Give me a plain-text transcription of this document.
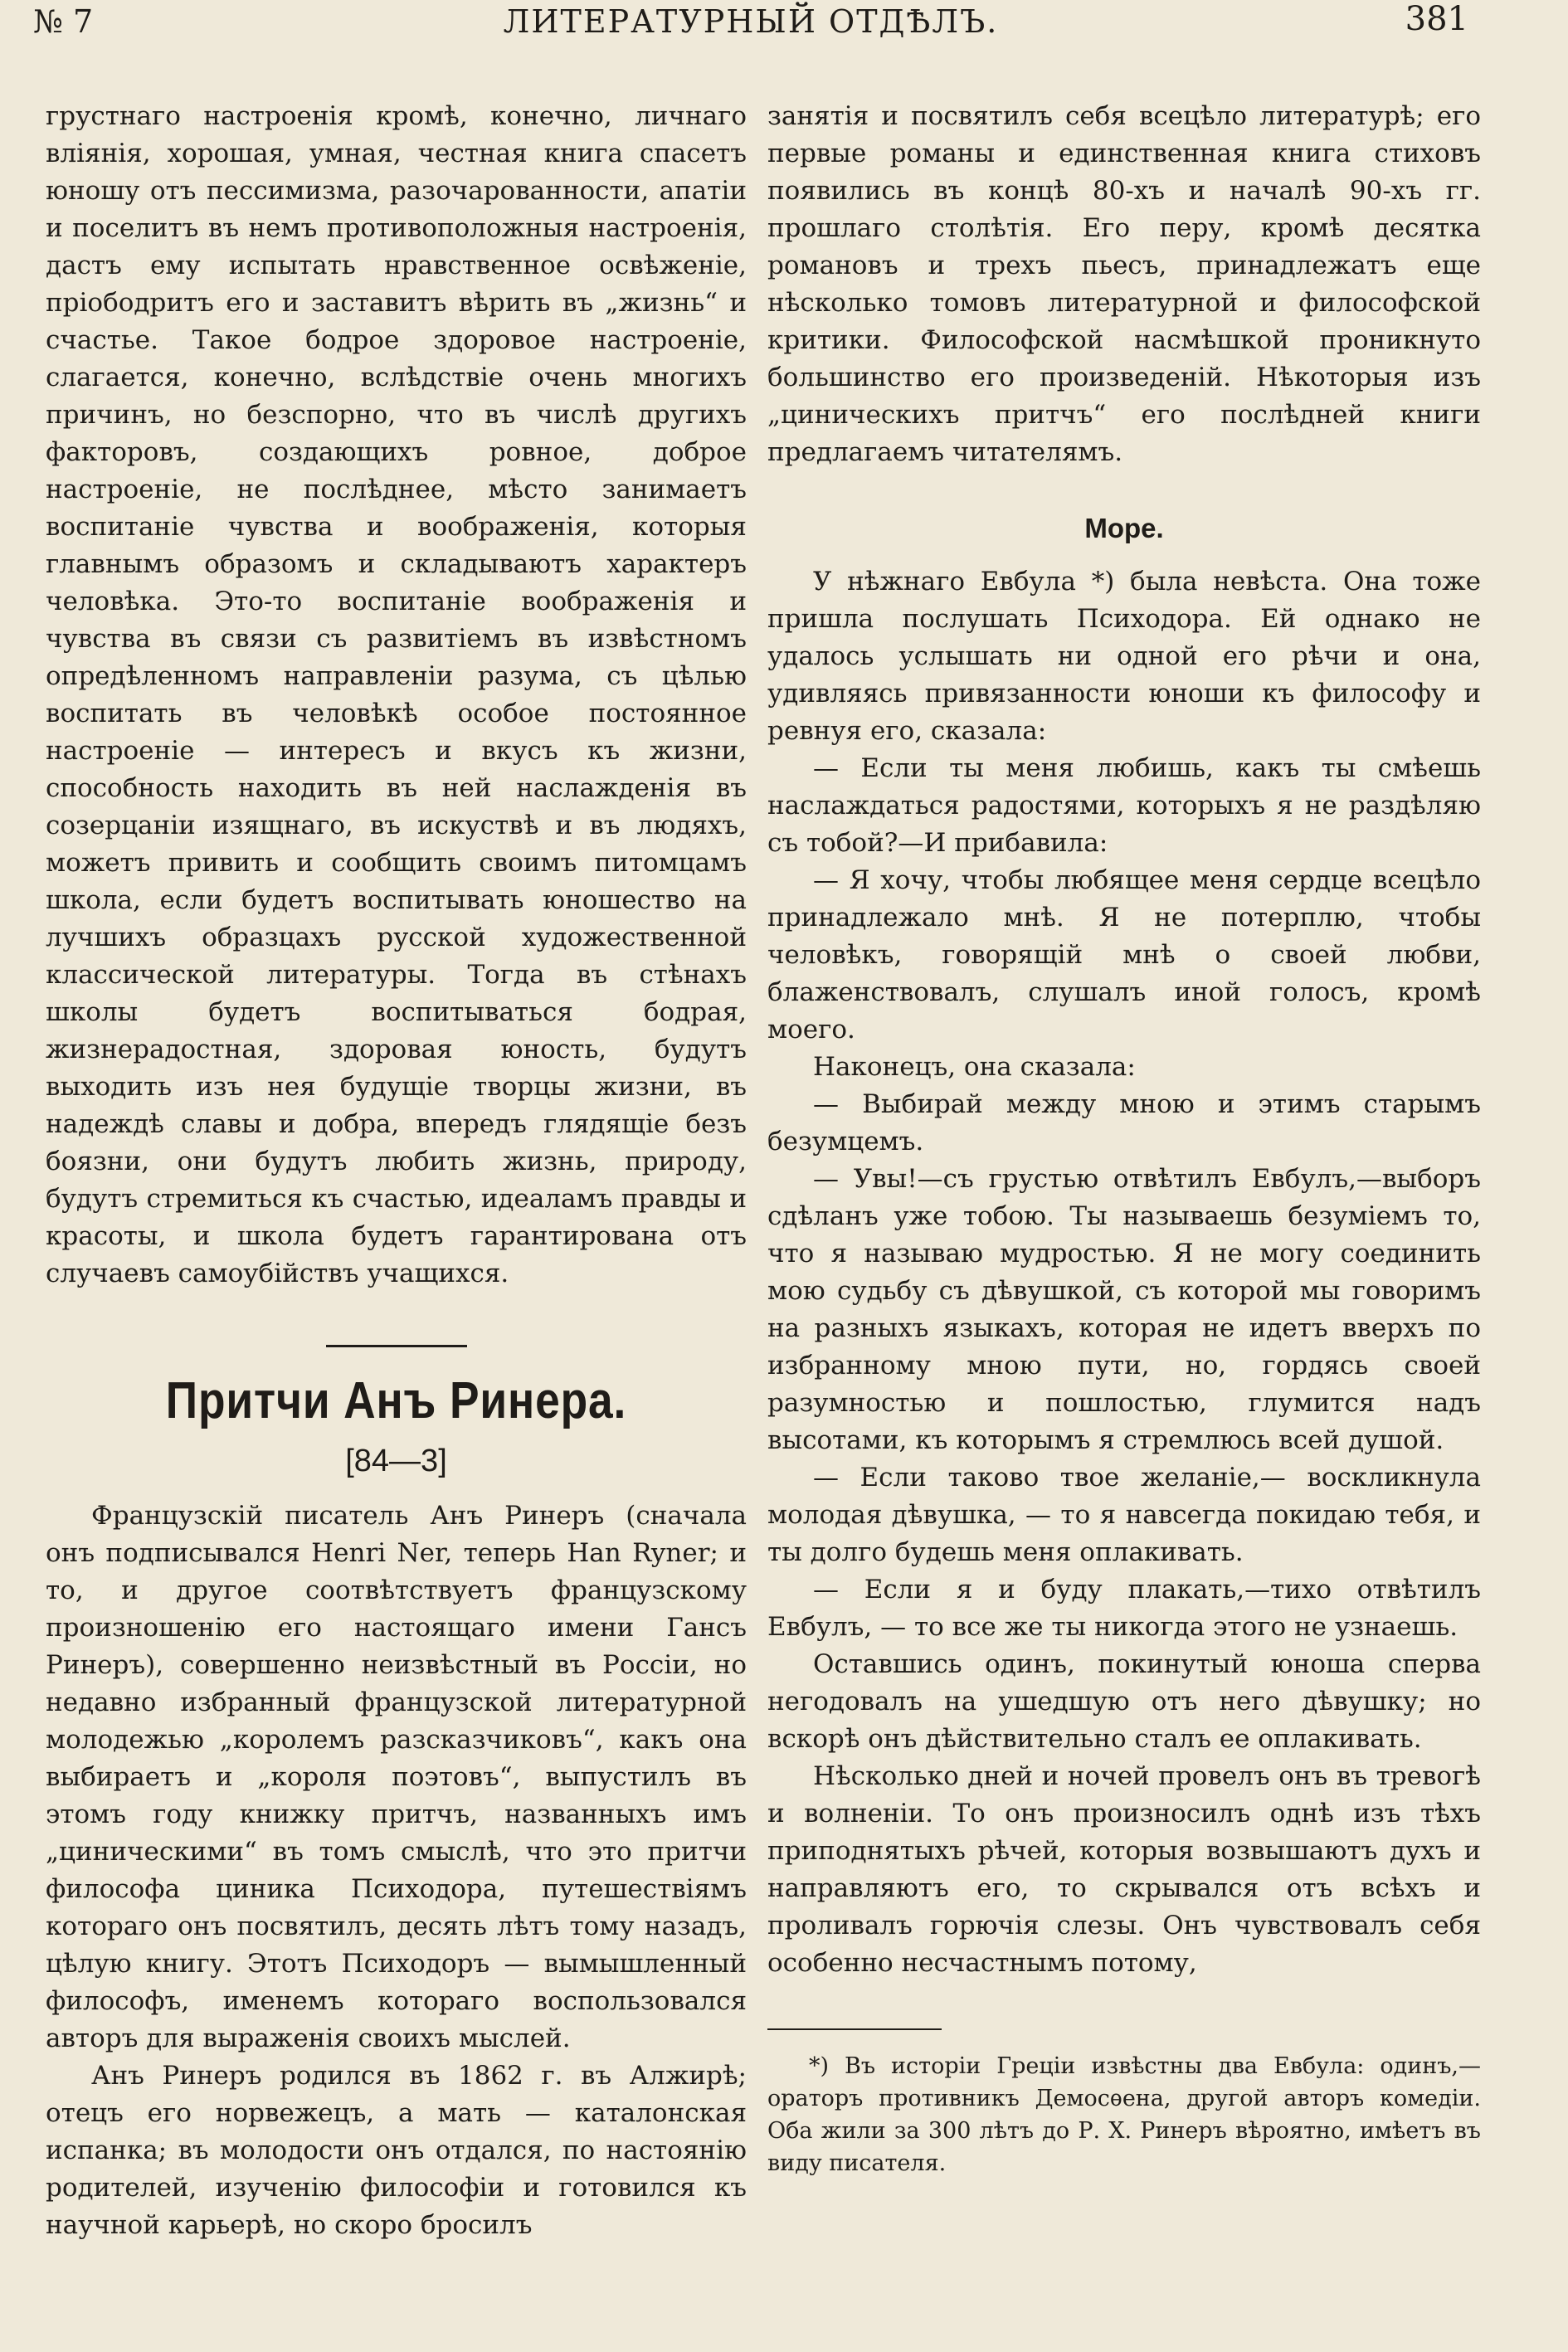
№ 7	ЛИТЕРАТУРНЫЙ ОТДѢЛЪ.	381

грустнаго настроенія кромѣ, конечно, личнаго вліянія, хорошая, умная, честная книга спасетъ юношу отъ пессимизма, разочарованности, апатіи и поселитъ въ немъ противоположныя настроенія, дастъ ему испытать нравственное освѣженіе, пріободритъ его и заставитъ вѣрить въ „жизнь“ и счастье. Такое бодрое здоровое настроеніе, слагается, конечно, вслѣдствіе очень многихъ причинъ, но безспорно, что въ числѣ другихъ факторовъ, создающихъ ровное, доброе настроеніе, не послѣднее, мѣсто занимаетъ воспитаніе чувства и воображенія, которыя главнымъ образомъ и складываютъ характеръ человѣка. Это-то воспитаніе воображенія и чувства въ связи съ развитіемъ въ извѣстномъ опредѣленномъ направленіи разума, съ цѣлью воспитать въ человѣкѣ особое постоянное настроеніе — интересъ и вкусъ къ жизни, способность находить въ ней наслажденія въ созерцаніи изящнаго, въ искуствѣ и въ людяхъ, можетъ привить и сообщить своимъ питомцамъ школа, если будетъ воспитывать юношество на лучшихъ образцахъ русской художественной классической литературы. Тогда въ стѣнахъ школы будетъ воспитываться бодрая, жизнерадостная, здоровая юность, будутъ выходить изъ нея будущіе творцы жизни, въ надеждѣ славы и добра, впередъ глядящіе безъ боязни, они будутъ любить жизнь, природу, будутъ стремиться къ счастью, идеаламъ правды и красоты, и школа будетъ гарантирована отъ случаевъ самоубійствъ учащихся.

Притчи Анъ Ринера.
[84—3]

Французскій писатель Анъ Ринеръ (сначала онъ подписывался Henri Ner, теперь Han Ryner; и то, и другое соотвѣтствуетъ французскому произношенію его настоящаго имени Гансъ Ринеръ), совершенно неизвѣстный въ Россіи, но недавно избранный французской литературной молодежью „королемъ разсказчиковъ“, какъ она выбираетъ и „короля поэтовъ“, выпустилъ въ этомъ году книжку притчъ, названныхъ имъ „циническими“ въ томъ смыслѣ, что это притчи философа циника Психодора, путешествіямъ котораго онъ посвятилъ, десять лѣтъ тому назадъ, цѣлую книгу. Этотъ Психодоръ — вымышленный философъ, именемъ котораго воспользовался авторъ для выраженія своихъ мыслей.

Анъ Ринеръ родился въ 1862 г. въ Алжирѣ; отецъ его норвежецъ, а мать — каталонская испанка; въ молодости онъ отдался, по настоянію родителей, изученію философіи и готовился къ научной карьерѣ, но скоро бросилъ

занятія и посвятилъ себя всецѣло литературѣ; его первые романы и единственная книга стиховъ появились въ концѣ 80-хъ и началѣ 90-хъ гг. прошлаго столѣтія. Его перу, кромѣ десятка романовъ и трехъ пьесъ, принадлежатъ еще нѣсколько томовъ литературной и философской критики. Философской насмѣшкой проникнуто большинство его произведеній. Нѣкоторыя изъ „циническихъ притчъ“ его послѣдней книги предлагаемъ читателямъ.

Море.

У нѣжнаго Евбула *) была невѣста. Она тоже пришла послушать Психодора. Ей однако не удалось услышать ни одной его рѣчи и она, удивляясь привязанности юноши къ философу и ревнуя его, сказала:

— Если ты меня любишь, какъ ты смѣешь наслаждаться радостями, которыхъ я не раздѣляю съ тобой?—И прибавила:

— Я хочу, чтобы любящее меня сердце всецѣло принадлежало мнѣ. Я не потерплю, чтобы человѣкъ, говорящій мнѣ о своей любви, блаженствовалъ, слушалъ иной голосъ, кромѣ моего.

Наконецъ, она сказала:

— Выбирай между мною и этимъ старымъ безумцемъ.

— Увы!—съ грустью отвѣтилъ Евбулъ,—выборъ сдѣланъ уже тобою. Ты называешь безуміемъ то, что я называю мудростью. Я не могу соединить мою судьбу съ дѣвушкой, съ которой мы говоримъ на разныхъ языкахъ, которая не идетъ вверхъ по избранному мною пути, но, гордясь своей разумностью и пошлостью, глумится надъ высотами, къ которымъ я стремлюсь всей душой.

— Если таково твое желаніе,— воскликнула молодая дѣвушка, — то я навсегда покидаю тебя, и ты долго будешь меня оплакивать.

— Если я и буду плакать,—тихо отвѣтилъ Евбулъ, — то все же ты никогда этого не узнаешь.

Оставшись одинъ, покинутый юноша сперва негодовалъ на ушедшую отъ него дѣвушку; но вскорѣ онъ дѣйствительно сталъ ее оплакивать.

Нѣсколько дней и ночей провелъ онъ въ тревогѣ и волненіи. То онъ произносилъ однѣ изъ тѣхъ приподнятыхъ рѣчей, которыя возвышаютъ духъ и направляютъ его, то скрывался отъ всѣхъ и проливалъ горючія слезы. Онъ чувствовалъ себя особенно несчастнымъ потому,

*) Въ исторіи Греціи извѣстны два Евбула: одинъ,—ораторъ противникъ Демосѳена, другой авторъ комедіи. Оба жили за 300 лѣтъ до Р. Х. Ринеръ вѣроятно, имѣетъ въ виду писателя.
